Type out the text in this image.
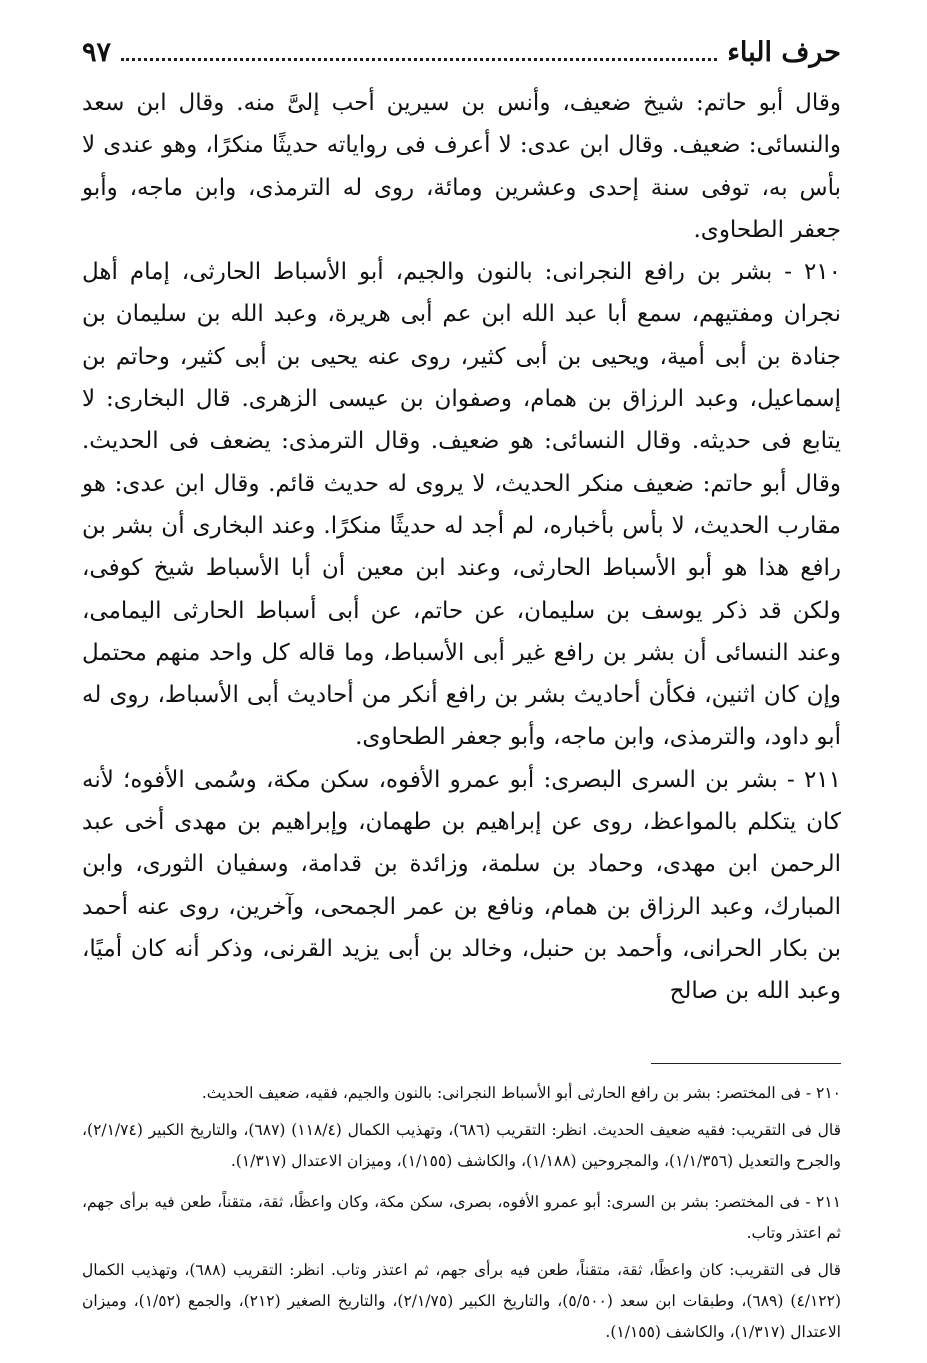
حرف الباء
٩٧

وقال أبو حاتم: شيخ ضعيف، وأنس بن سيرين أحب إلىَّ منه. وقال ابن سعد والنسائى: ضعيف. وقال ابن عدى: لا أعرف فى رواياته حديثًا منكرًا، وهو عندى لا بأس به، توفى سنة إحدى وعشرين ومائة، روى له الترمذى، وابن ماجه، وأبو جعفر الطحاوى.

٢١٠ - بشر بن رافع النجرانى: بالنون والجيم، أبو الأسباط الحارثى، إمام أهل نجران ومفتيهم، سمع أبا عبد الله ابن عم أبى هريرة، وعبد الله بن سليمان بن جنادة بن أبى أمية، ويحيى بن أبى كثير، روى عنه يحيى بن أبى كثير، وحاتم بن إسماعيل، وعبد الرزاق بن همام، وصفوان بن عيسى الزهرى. قال البخارى: لا يتابع فى حديثه. وقال النسائى: هو ضعيف. وقال الترمذى: يضعف فى الحديث. وقال أبو حاتم: ضعيف منكر الحديث، لا يروى له حديث قائم. وقال ابن عدى: هو مقارب الحديث، لا بأس بأخباره، لم أجد له حديثًا منكرًا. وعند البخارى أن بشر بن رافع هذا هو أبو الأسباط الحارثى، وعند ابن معين أن أبا الأسباط شيخ كوفى، ولكن قد ذكر يوسف بن سليمان، عن حاتم، عن أبى أسباط الحارثى اليمامى، وعند النسائى أن بشر بن رافع غير أبى الأسباط، وما قاله كل واحد منهم محتمل وإن كان اثنين، فكأن أحاديث بشر بن رافع أنكر من أحاديث أبى الأسباط، روى له أبو داود، والترمذى، وابن ماجه، وأبو جعفر الطحاوى.

٢١١ - بشر بن السرى البصرى: أبو عمرو الأفوه، سكن مكة، وسُمى الأفوه؛ لأنه كان يتكلم بالمواعظ، روى عن إبراهيم بن طهمان، وإبراهيم بن مهدى أخى عبد الرحمن ابن مهدى، وحماد بن سلمة، وزائدة بن قدامة، وسفيان الثورى، وابن المبارك، وعبد الرزاق بن همام، ونافع بن عمر الجمحى، وآخرين، روى عنه أحمد بن بكار الحرانى، وأحمد بن حنبل، وخالد بن أبى يزيد القرنى، وذكر أنه كان أميًا، وعبد الله بن صالح

٢١٠ - فى المختصر: بشر بن رافع الحارثى أبو الأسباط النجرانى: بالنون والجيم، فقيه، ضعيف الحديث.

قال فى التقريب: فقيه ضعيف الحديث. انظر: التقريب (٦٨٦)، وتهذيب الكمال (١١٨/٤) (٦٨٧)، والتاريخ الكبير (٢/١/٧٤)، والجرح والتعديل (١/١/٣٥٦)، والمجروحين (١/١٨٨)، والكاشف (١/١٥٥)، وميزان الاعتدال (١/٣١٧).

٢١١ - فى المختصر: بشر بن السرى: أبو عمرو الأفوه، بصرى، سكن مكة، وكان واعظًا، ثقة، متقناً، طعن فيه برأى جهم، ثم اعتذر وتاب.

قال فى التقريب: كان واعظًا، ثقة، متقناً، طعن فيه برأى جهم، ثم اعتذر وتاب. انظر: التقريب (٦٨٨)، وتهذيب الكمال (٤/١٢٢) (٦٨٩)، وطبقات ابن سعد (٥/٥٠٠)، والتاريخ الكبير (٢/١/٧٥)، والتاريخ الصغير (٢١٢)، والجمع (١/٥٢)، وميزان الاعتدال (١/٣١٧)، والكاشف (١/١٥٥).
